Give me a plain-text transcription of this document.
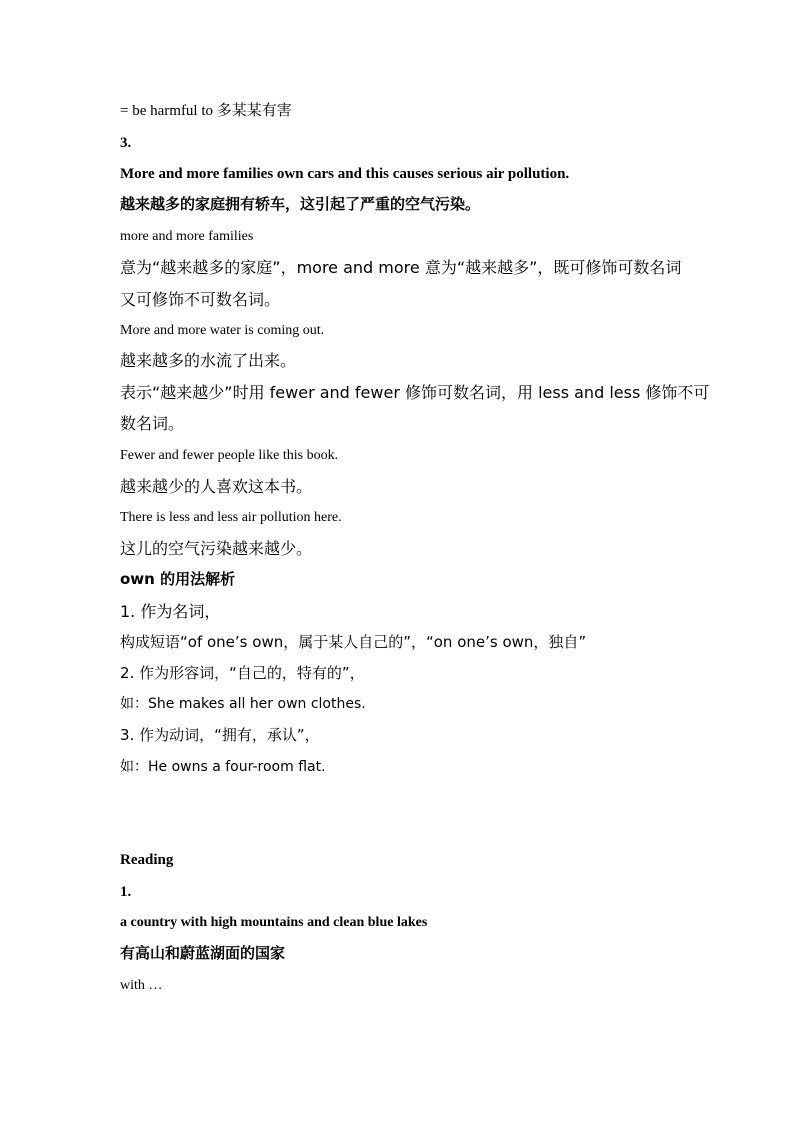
= be harmful to 多某某有害
3.
More and more families own cars and this causes serious air pollution.
越来越多的家庭拥有轿车，这引起了严重的空气污染。
more and more families
意为“越来越多的家庭”，more and more 意为“越来越多”，既可修饰可数名词
又可修饰不可数名词。
More and more water is coming out.
越来越多的水流了出来。
表示“越来越少”时用 fewer and fewer 修饰可数名词，用 less and less 修饰不可
数名词。
Fewer and fewer people like this book.
越来越少的人喜欢这本书。
There is less and less air pollution here.
这儿的空气污染越来越少。
own 的用法解析
1. 作为名词，
构成短语“of one’s own，属于某人自己的”，“on one’s own，独自”
2. 作为形容词，“自己的，特有的”，
如：She makes all her own clothes.
3. 作为动词，“拥有，承认”，
如：He owns a four-room flat.
Reading
1.
a country with high mountains and clean blue lakes
有高山和蔚蓝湖面的国家
with …
